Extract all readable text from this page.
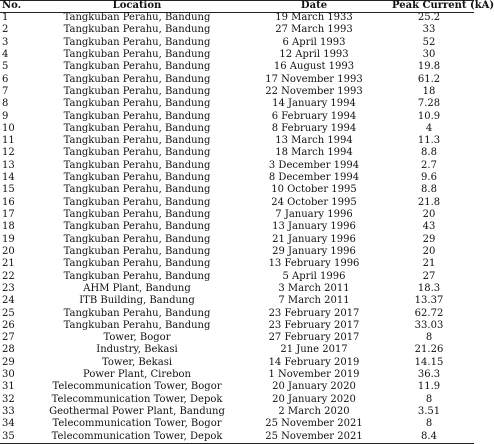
No.	Location	Date	Peak Current (kA)
1	Tangkuban Perahu, Bandung	19 March 1933	25.2
2	Tangkuban Perahu, Bandung	27 March 1993	33
3	Tangkuban Perahu, Bandung	6 April 1993	52
4	Tangkuban Perahu, Bandung	12 April 1993	30
5	Tangkuban Perahu, Bandung	16 August 1993	19.8
6	Tangkuban Perahu, Bandung	17 November 1993	61.2
7	Tangkuban Perahu, Bandung	22 November 1993	18
8	Tangkuban Perahu, Bandung	14 January 1994	7.28
9	Tangkuban Perahu, Bandung	6 February 1994	10.9
10	Tangkuban Perahu, Bandung	8 February 1994	4
11	Tangkuban Perahu, Bandung	13 March 1994	11.3
12	Tangkuban Perahu, Bandung	18 March 1994	8.8
13	Tangkuban Perahu, Bandung	3 December 1994	2.7
14	Tangkuban Perahu, Bandung	8 December 1994	9.6
15	Tangkuban Perahu, Bandung	10 October 1995	8.8
16	Tangkuban Perahu, Bandung	24 October 1995	21.8
17	Tangkuban Perahu, Bandung	7 January 1996	20
18	Tangkuban Perahu, Bandung	13 January 1996	43
19	Tangkuban Perahu, Bandung	21 January 1996	29
20	Tangkuban Perahu, Bandung	29 January 1996	20
21	Tangkuban Perahu, Bandung	13 February 1996	21
22	Tangkuban Perahu, Bandung	5 April 1996	27
23	AHM Plant, Bandung	3 March 2011	18.3
24	ITB Building, Bandung	7 March 2011	13.37
25	Tangkuban Perahu, Bandung	23 February 2017	62.72
26	Tangkuban Perahu, Bandung	23 February 2017	33.03
27	Tower, Bogor	27 February 2017	8
28	Industry, Bekasi	21 June 2017	21.26
29	Tower, Bekasi	14 February 2019	14.15
30	Power Plant, Cirebon	1 November 2019	36.3
31	Telecommunication Tower, Bogor	20 January 2020	11.9
32	Telecommunication Tower, Depok	20 January 2020	8
33	Geothermal Power Plant, Bandung	2 March 2020	3.51
34	Telecommunication Tower, Bogor	25 November 2021	8
35	Telecommunication Tower, Depok	25 November 2021	8.4
